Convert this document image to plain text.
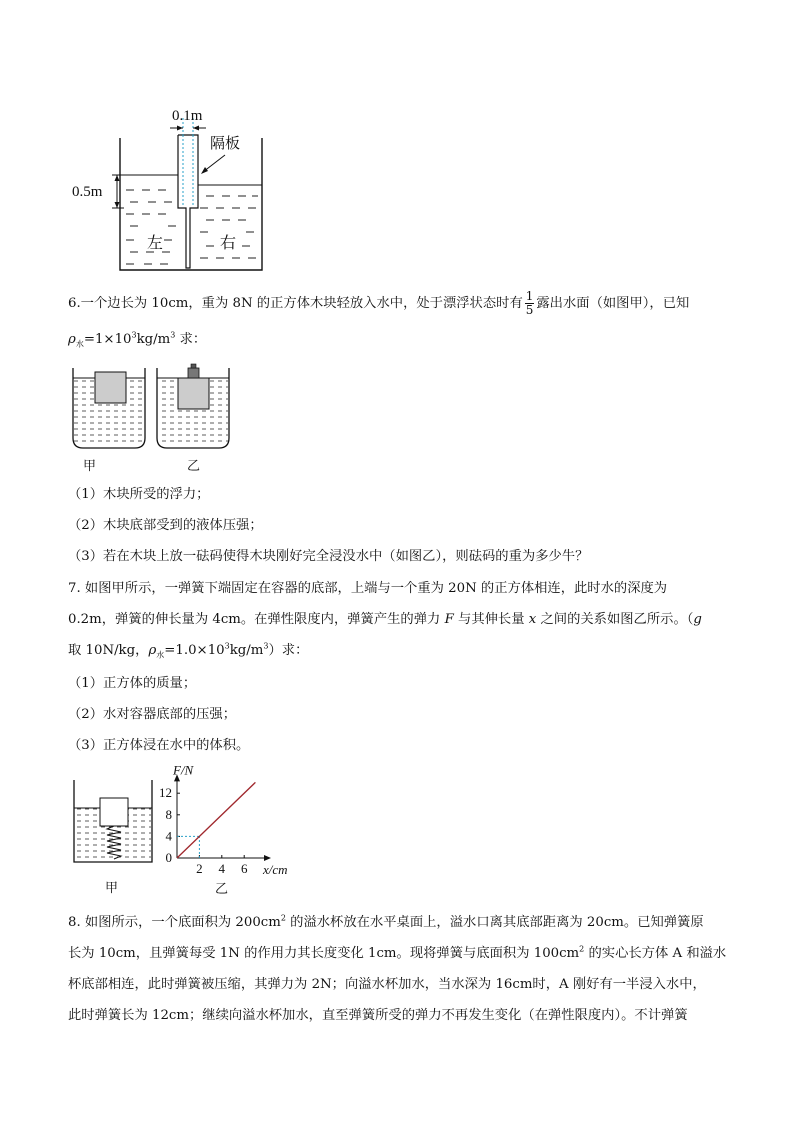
0.1m
隔板
0.5m
左	右
6.一个边长为 10cm，重为 8N 的正方体木块轻放入水中，处于漂浮状态时有 $\frac{1}{5}$ 露出水面（如图甲），已知
$\rho_水=1\times 10^3kg/m^3$ 求：
甲	乙
（1）木块所受的浮力；
（2）木块底部受到的液体压强；
（3）若在木块上放一砝码使得木块刚好完全浸没水中（如图乙），则砝码的重为多少牛？
7. 如图甲所示，一弹簧下端固定在容器的底部，上端与一个重为 20N 的正方体相连，此时水的深度为
0.2m，弹簧的伸长量为 4cm。在弹性限度内，弹簧产生的弹力 F 与其伸长量 x 之间的关系如图乙所示。（g
取 10N/kg，$\rho_水=1.0\times 10^3kg/m^3$）求：
（1）正方体的质量；
（2）水对容器底部的压强；
（3）正方体浸在水中的体积。
甲
F/N
x/cm
4
8
12
0
2 4 6
乙
8. 如图所示，一个底面积为 $200cm^2$ 的溢水杯放在水平桌面上，溢水口离其底部距离为 20cm。已知弹簧原
长为 10cm，且弹簧每受 1N 的作用力其长度变化 1cm。现将弹簧与底面积为 $100cm^2$ 的实心长方体 A 和溢水
杯底部相连，此时弹簧被压缩，其弹力为 2N；向溢水杯加水，当水深为 16cm时，A 刚好有一半浸入水中，
此时弹簧长为 12cm；继续向溢水杯加水，直至弹簧所受的弹力不再发生变化（在弹性限度内）。不计弹簧
